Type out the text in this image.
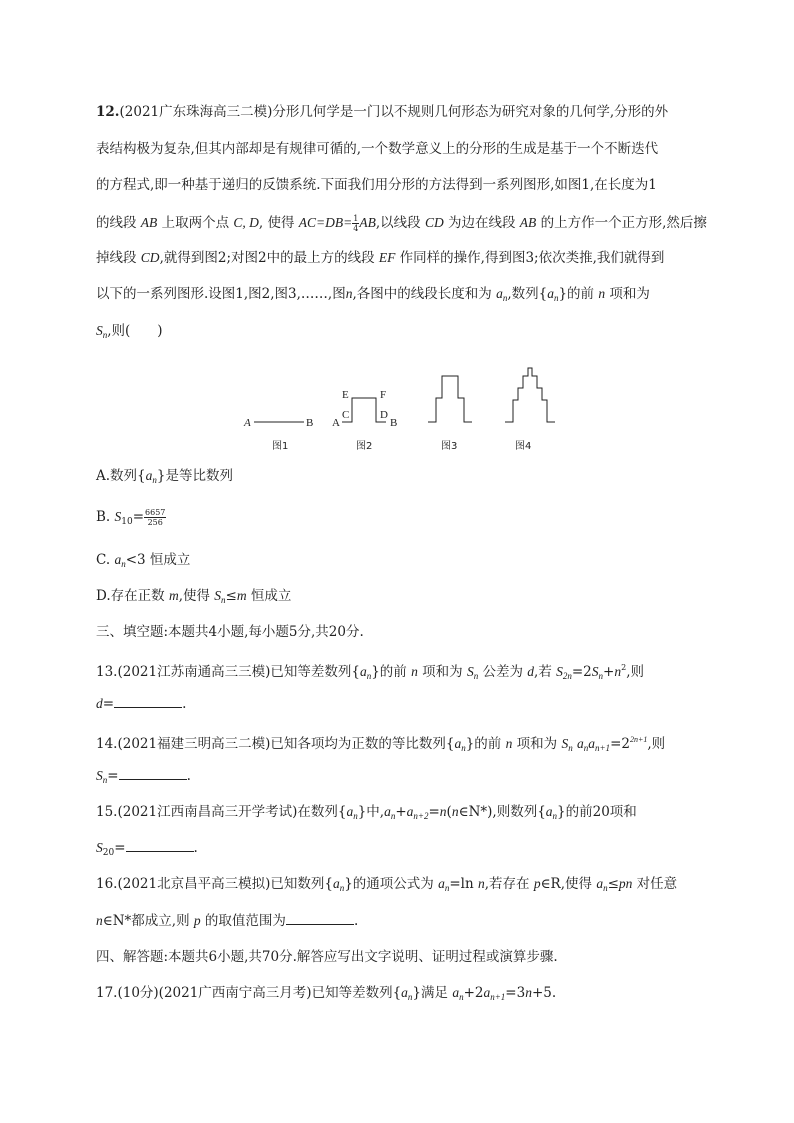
12.(2021广东珠海高三二模)分形几何学是一门以不规则几何形态为研究对象的几何学,分形的外
表结构极为复杂,但其内部却是有规律可循的,一个数学意义上的分形的生成是基于一个不断迭代
的方程式,即一种基于递归的反馈系统.下面我们用分形的方法得到一系列图形,如图1,在长度为1
的线段 AB 上取两个点 C, D, 使得 $AC=DB= \frac{1}{4}$ AB,以线段 CD 为边在线段 AB 的上方作一个正方形,然后擦
掉线段 CD,就得到图2;对图2中的最上方的线段 EF 作同样的操作,得到图3;依次类推,我们就得到
以下的一系列图形.设图1,图2,图3,……,图n,各图中的线段长度和为 $a_n$,数列$\{a_n\}$的前 n 项和为
$S_n$,则(　　)
A	B A
E	F
C	D
B
图1	图2	图3	图4
A.数列$\{a_n\}$是等比数列
B. $S_{10}= \frac{6657}{256}$
C. $a_n<3$ 恒成立
D.存在正数 m,使得 $S_n\le m$ 恒成立
三、填空题:本题共4小题,每小题5分,共20分.
13.(2021江苏南通高三三模)已知等差数列$\{a_n\}$的前 n 项和为 $S_n$ 公差为 d,若 $S_{2n}=2S_n+n^2$,则
d=	.
14.(2021福建三明高三二模)已知各项均为正数的等比数列$\{a_n\}$的前 n 项和为 $S_n$ $a_na_{n+1}=2^{2n+1}$,则
$S_n=$	.
15.(2021江西南昌高三开学考试)在数列$\{a_n\}$中$,a_n+a_{n+2}=n(n\in N*)$,则数列$\{a_n\}$的前20项和
$S_{20}=$	.
16.(2021北京昌平高三模拟)已知数列$\{a_n\}$的通项公式为 $a_n=\ln$ n,若存在 p∈R,使得 $a_n\le pn$ 对任意
n∈N*都成立,则 p 的取值范围为	.
四、解答题:本题共6小题,共70分.解答应写出文字说明、证明过程或演算步骤.
17.(10分)(2021广西南宁高三月考)已知等差数列$\{a_n\}$满足 $a_n+2a_{n+1}=3n+5$.
